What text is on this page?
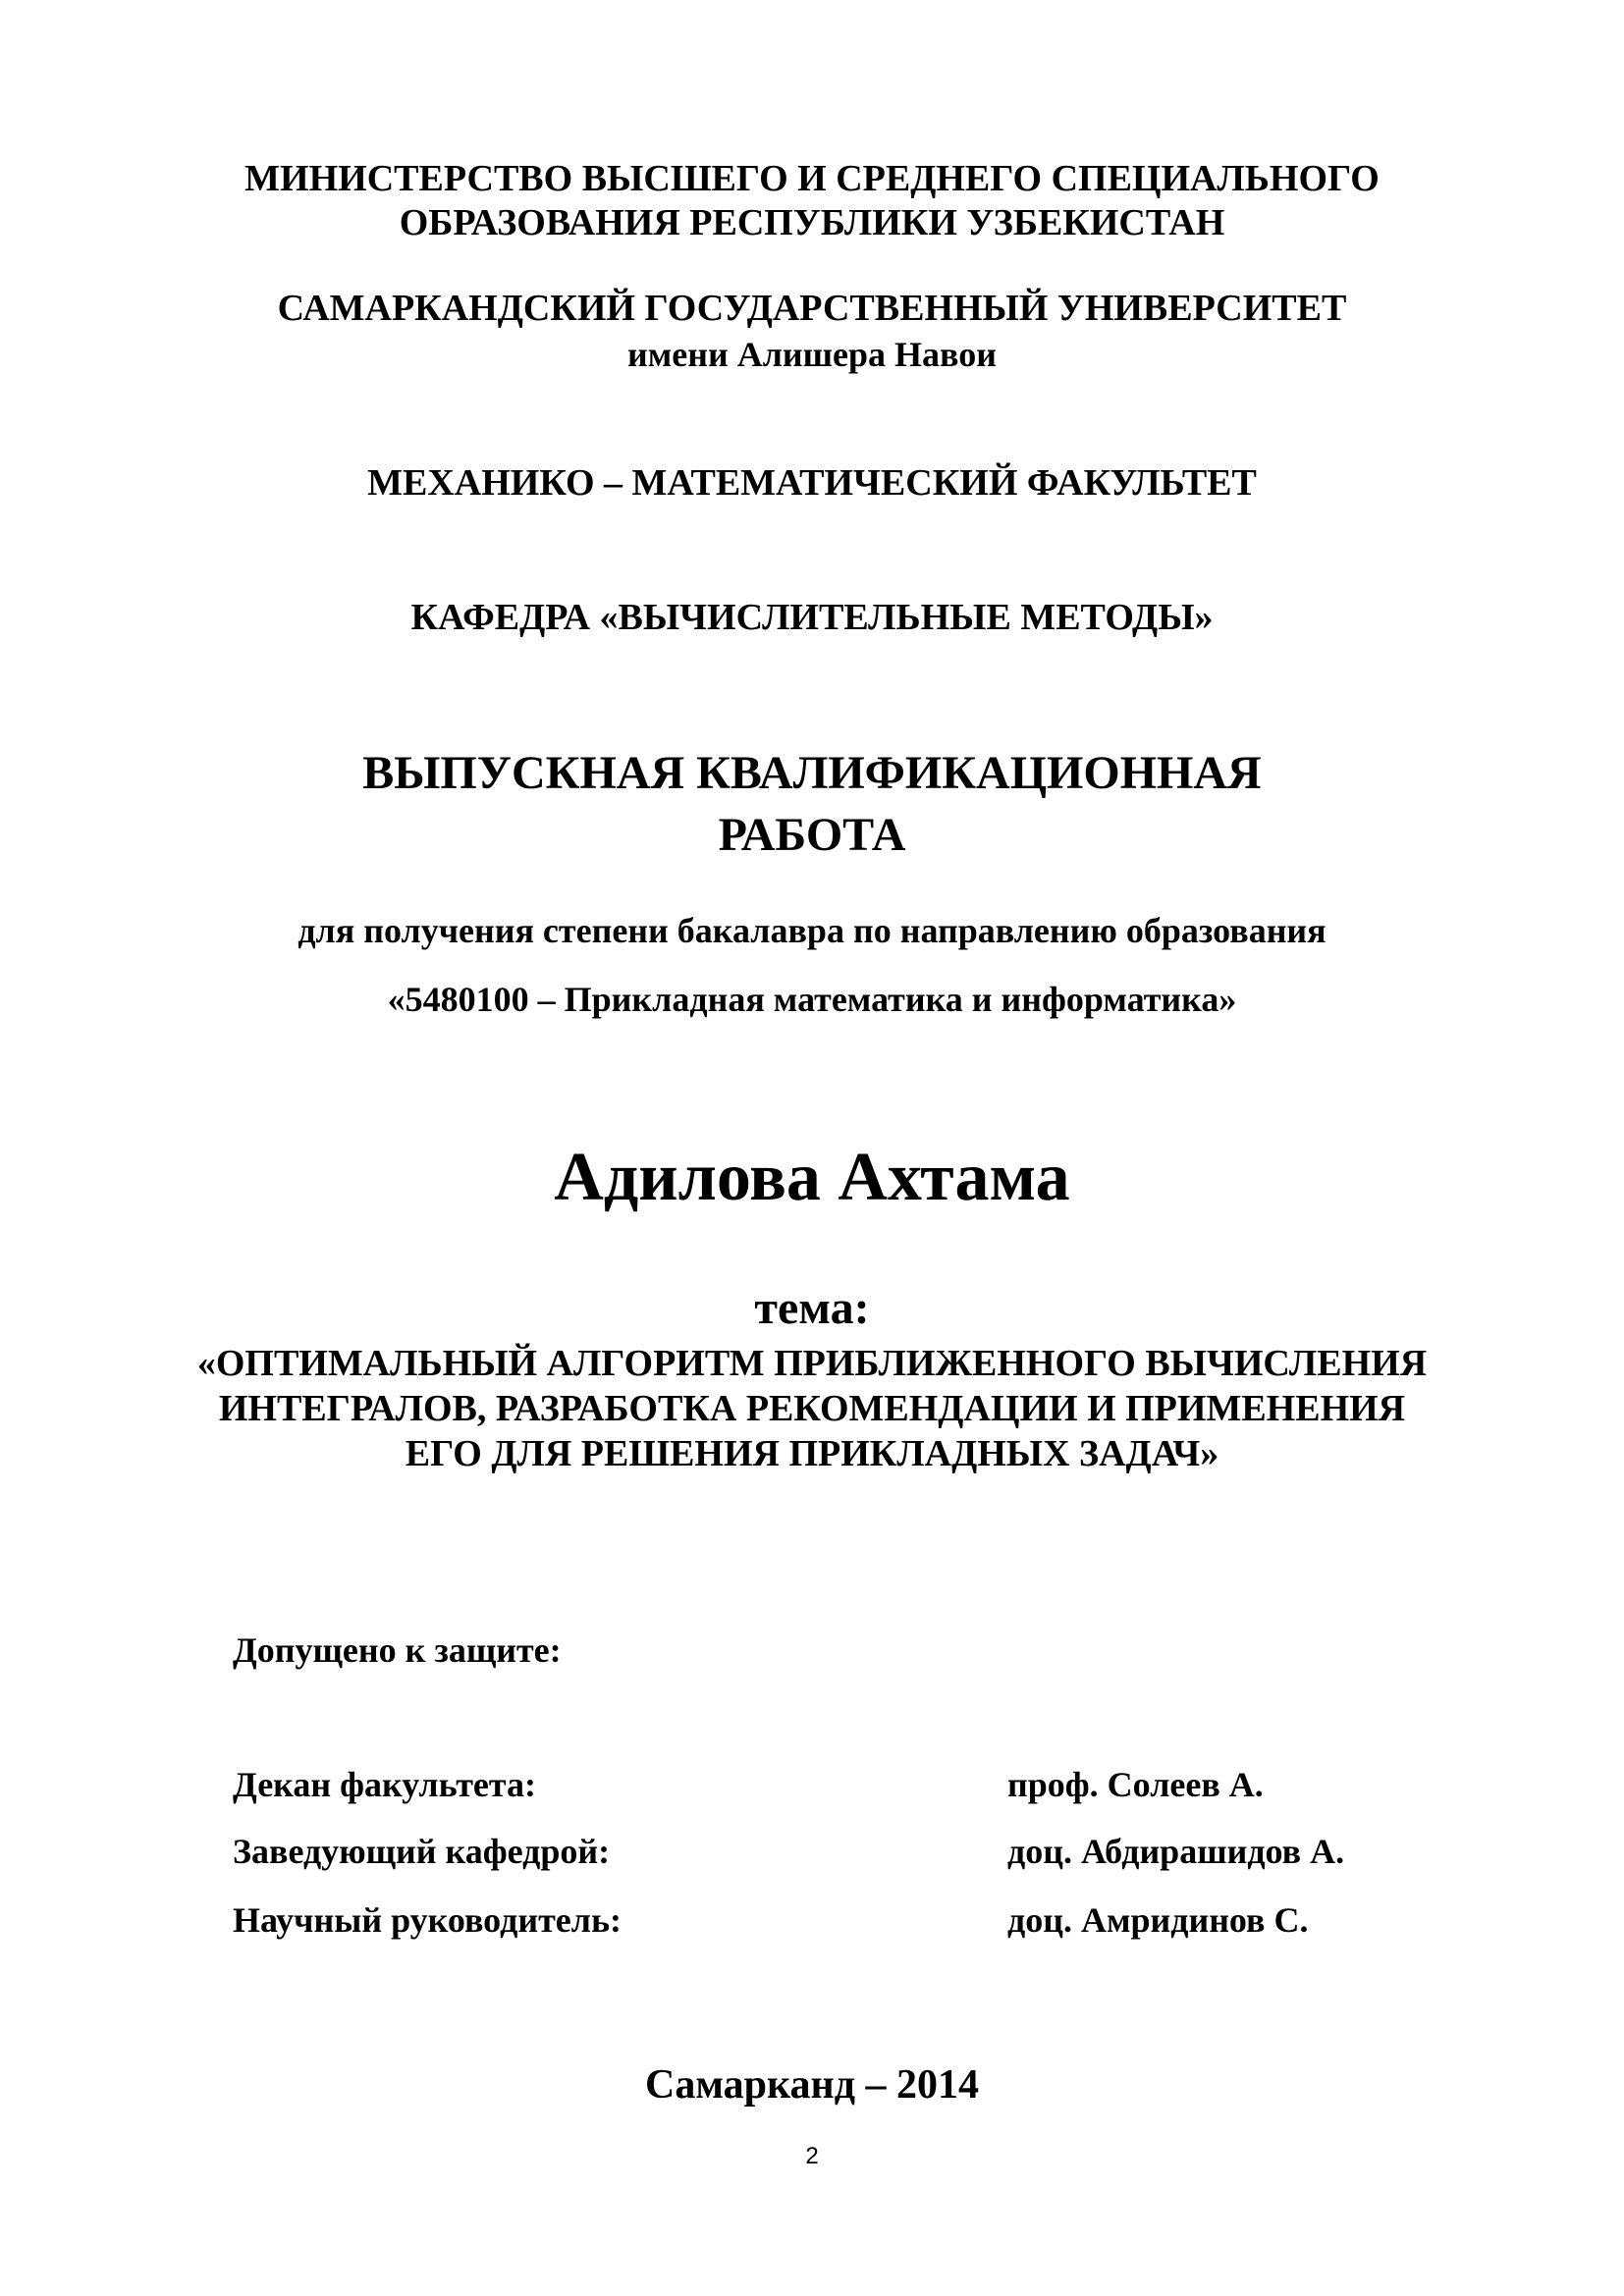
МИНИСТЕРСТВО ВЫСШЕГО И СРЕДНЕГО СПЕЦИАЛЬНОГО

ОБРАЗОВАНИЯ РЕСПУБЛИКИ УЗБЕКИСТАН

САМАРКАНДСКИЙ ГОСУДАРСТВЕННЫЙ УНИВЕРСИТЕТ

имени Алишера Навои

МЕХАНИКО – МАТЕМАТИЧЕСКИЙ ФАКУЛЬТЕТ

КАФЕДРА «ВЫЧИСЛИТЕЛЬНЫЕ МЕТОДЫ»

ВЫПУСКНАЯ КВАЛИФИКАЦИОННАЯ

РАБОТА

для получения степени бакалавра по направлению образования

«5480100 – Прикладная математика и информатика»

Адилова Ахтама

тема:

«ОПТИМАЛЬНЫЙ АЛГОРИТМ ПРИБЛИЖЕННОГО ВЫЧИСЛЕНИЯ

ИНТЕГРАЛОВ, РАЗРАБОТКА РЕКОМЕНДАЦИИ И ПРИМЕНЕНИЯ

ЕГО ДЛЯ РЕШЕНИЯ ПРИКЛАДНЫХ ЗАДАЧ»

Допущено к защите:

Декан факультета:	проф. Солеев А.

Заведующий кафедрой:	доц. Абдирашидов А.

Научный руководитель:	доц. Амридинов С.

Самарканд – 2014

2
